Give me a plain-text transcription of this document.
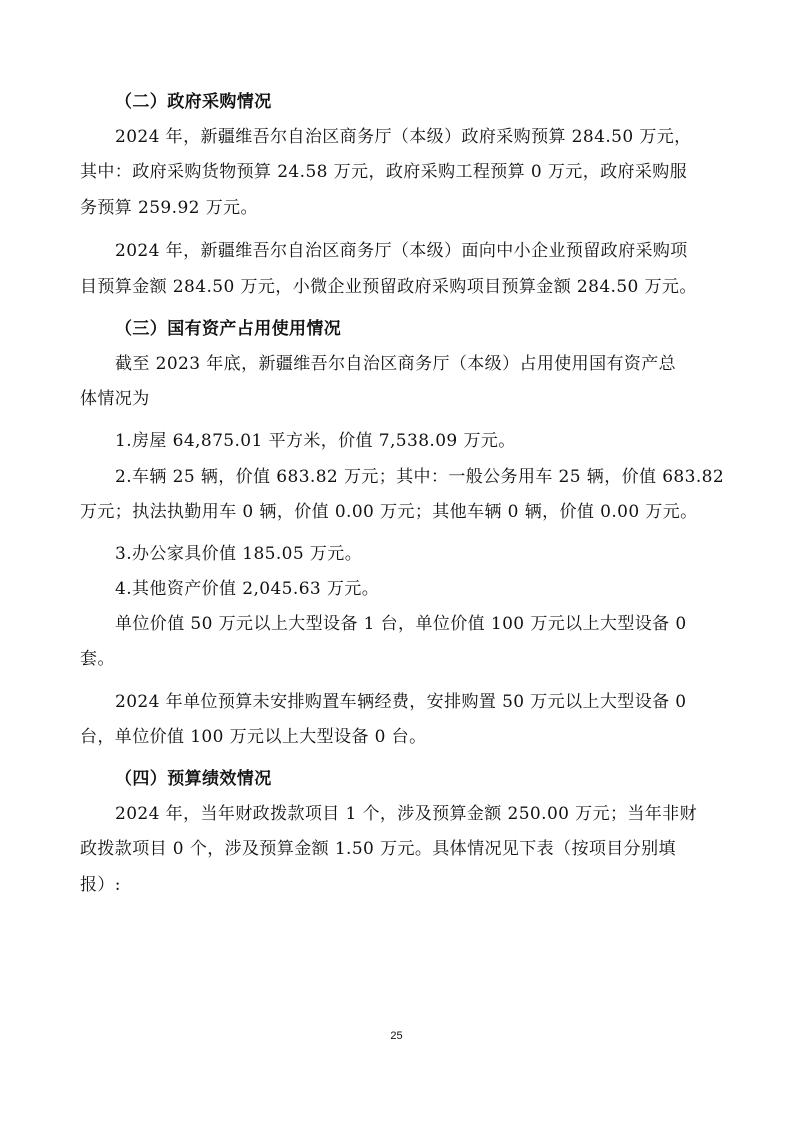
（二）政府采购情况
2024 年，新疆维吾尔自治区商务厅（本级）政府采购预算 284.50 万元，
其中：政府采购货物预算 24.58 万元，政府采购工程预算 0 万元，政府采购服
务预算 259.92 万元。
2024 年，新疆维吾尔自治区商务厅（本级）面向中小企业预留政府采购项
目预算金额 284.50 万元，小微企业预留政府采购项目预算金额 284.50 万元。
（三）国有资产占用使用情况
截至 2023 年底，新疆维吾尔自治区商务厅（本级）占用使用国有资产总
体情况为
1.房屋 64,875.01 平方米，价值 7,538.09 万元。
2.车辆 25 辆，价值 683.82 万元；其中：一般公务用车 25 辆，价值 683.82
万元；执法执勤用车 0 辆，价值 0.00 万元；其他车辆 0 辆，价值 0.00 万元。
3.办公家具价值 185.05 万元。
4.其他资产价值 2,045.63 万元。
单位价值 50 万元以上大型设备 1 台，单位价值 100 万元以上大型设备 0
套。
2024 年单位预算未安排购置车辆经费，安排购置 50 万元以上大型设备 0
台，单位价值 100 万元以上大型设备 0 台。
（四）预算绩效情况
2024 年，当年财政拨款项目 1 个，涉及预算金额 250.00 万元；当年非财
政拨款项目 0 个，涉及预算金额 1.50 万元。具体情况见下表（按项目分别填
报）:
25
